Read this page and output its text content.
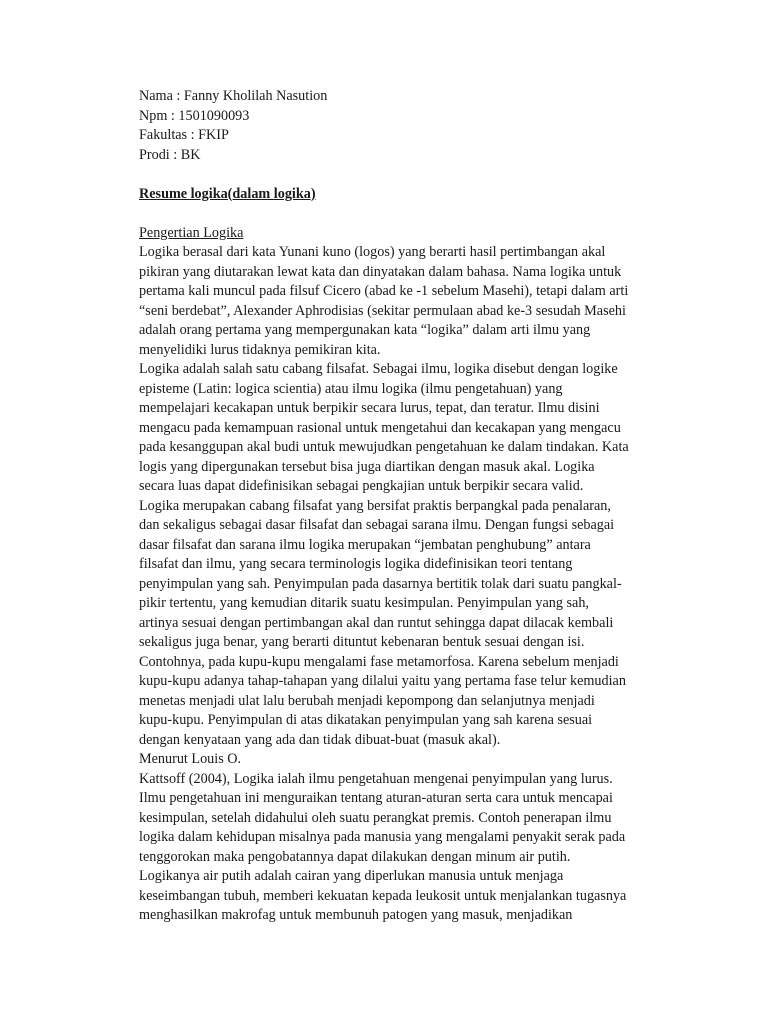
Nama : Fanny Kholilah Nasution
Npm : 1501090093
Fakultas : FKIP
Prodi : BK
Resume logika(dalam logika)
Pengertian Logika
Logika berasal dari kata Yunani kuno (logos) yang berarti hasil pertimbangan akal
pikiran yang diutarakan lewat kata dan dinyatakan dalam bahasa. Nama logika untuk
pertama kali muncul pada filsuf Cicero (abad ke -1 sebelum Masehi), tetapi dalam arti
“seni berdebat”, Alexander Aphrodisias (sekitar permulaan abad ke-3 sesudah Masehi
adalah orang pertama yang mempergunakan kata “logika” dalam arti ilmu yang
menyelidiki lurus tidaknya pemikiran kita.
Logika adalah salah satu cabang filsafat. Sebagai ilmu, logika disebut dengan logike
episteme (Latin: logica scientia) atau ilmu logika (ilmu pengetahuan) yang
mempelajari kecakapan untuk berpikir secara lurus, tepat, dan teratur. Ilmu disini
mengacu pada kemampuan rasional untuk mengetahui dan kecakapan yang mengacu
pada kesanggupan akal budi untuk mewujudkan pengetahuan ke dalam tindakan. Kata
logis yang dipergunakan tersebut bisa juga diartikan dengan masuk akal. Logika
secara luas dapat didefinisikan sebagai pengkajian untuk berpikir secara valid.
Logika merupakan cabang filsafat yang bersifat praktis berpangkal pada penalaran,
dan sekaligus sebagai dasar filsafat dan sebagai sarana ilmu. Dengan fungsi sebagai
dasar filsafat dan sarana ilmu logika merupakan “jembatan penghubung” antara
filsafat dan ilmu, yang secara terminologis logika didefinisikan teori tentang
penyimpulan yang sah. Penyimpulan pada dasarnya bertitik tolak dari suatu pangkal-
pikir tertentu, yang kemudian ditarik suatu kesimpulan. Penyimpulan yang sah,
artinya sesuai dengan pertimbangan akal dan runtut sehingga dapat dilacak kembali
sekaligus juga benar, yang berarti dituntut kebenaran bentuk sesuai dengan isi.
Contohnya, pada kupu-kupu mengalami fase metamorfosa. Karena sebelum menjadi
kupu-kupu adanya tahap-tahapan yang dilalui yaitu yang pertama fase telur kemudian
menetas menjadi ulat lalu berubah menjadi kepompong dan selanjutnya menjadi
kupu-kupu. Penyimpulan di atas dikatakan penyimpulan yang sah karena sesuai
dengan kenyataan yang ada dan tidak dibuat-buat (masuk akal).
Menurut Louis O.
Kattsoff (2004), Logika ialah ilmu pengetahuan mengenai penyimpulan yang lurus.
Ilmu pengetahuan ini menguraikan tentang aturan-aturan serta cara untuk mencapai
kesimpulan, setelah didahului oleh suatu perangkat premis. Contoh penerapan ilmu
logika dalam kehidupan misalnya pada manusia yang mengalami penyakit serak pada
tenggorokan maka pengobatannya dapat dilakukan dengan minum air putih.
Logikanya air putih adalah cairan yang diperlukan manusia untuk menjaga
keseimbangan tubuh, memberi kekuatan kepada leukosit untuk menjalankan tugasnya
menghasilkan makrofag untuk membunuh patogen yang masuk, menjadikan
